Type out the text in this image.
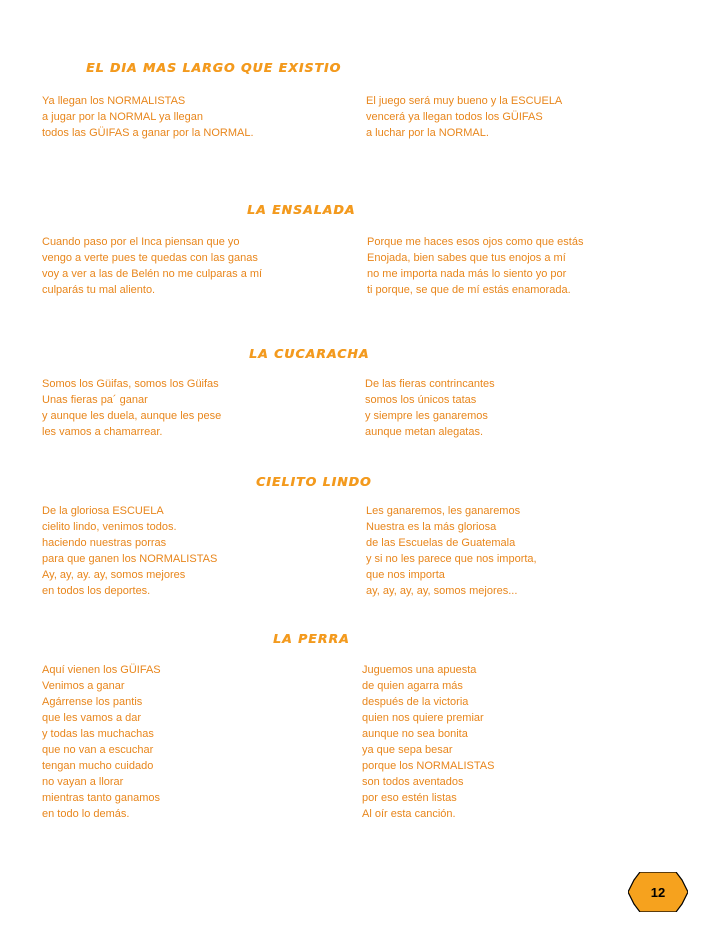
EL DIA MAS LARGO QUE EXISTIO
Ya llegan los NORMALISTAS
a jugar por la NORMAL ya llegan
todos las GÜIFAS a ganar por la NORMAL.
El juego será muy bueno y la ESCUELA
vencerá ya llegan todos los GÜIFAS
a luchar por la NORMAL.
LA ENSALADA
Cuando paso por el Inca piensan que yo
vengo a verte pues te quedas con las ganas
voy a ver a las de Belén no me culparas a mí
culparás tu mal aliento.
Porque me haces esos ojos como que estás
Enojada, bien sabes que tus enojos a mí
no me importa nada más lo siento yo por
ti porque, se que de mí estás enamorada.
LA CUCARACHA
Somos los Güifas, somos los Güifas
Unas fieras pa´ ganar
y aunque les duela, aunque les pese
les vamos a chamarrear.
De las fieras contrincantes
somos los únicos tatas
y siempre les ganaremos
aunque metan alegatas.
CIELITO LINDO
De la gloriosa ESCUELA
cielito lindo, venimos todos.
haciendo nuestras porras
para que ganen los NORMALISTAS
Ay, ay, ay. ay, somos mejores
en todos los deportes.
Les ganaremos, les ganaremos
Nuestra es la más gloriosa
de las Escuelas de Guatemala
y si no les parece que nos importa,
que nos importa
ay, ay, ay, ay, somos mejores...
LA PERRA
Aquí vienen los GÜIFAS
Venimos a ganar
Agárrense los pantis
que les vamos a dar
y todas las muchachas
que no van a escuchar
tengan mucho cuidado
no vayan a llorar
mientras tanto ganamos
en todo lo demás.
Juguemos una apuesta
de quien agarra más
después de la victoria
quien nos quiere premiar
aunque no sea bonita
ya que sepa besar
porque los NORMALISTAS
son todos aventados
por eso estén listas
Al oír esta canción.
12
